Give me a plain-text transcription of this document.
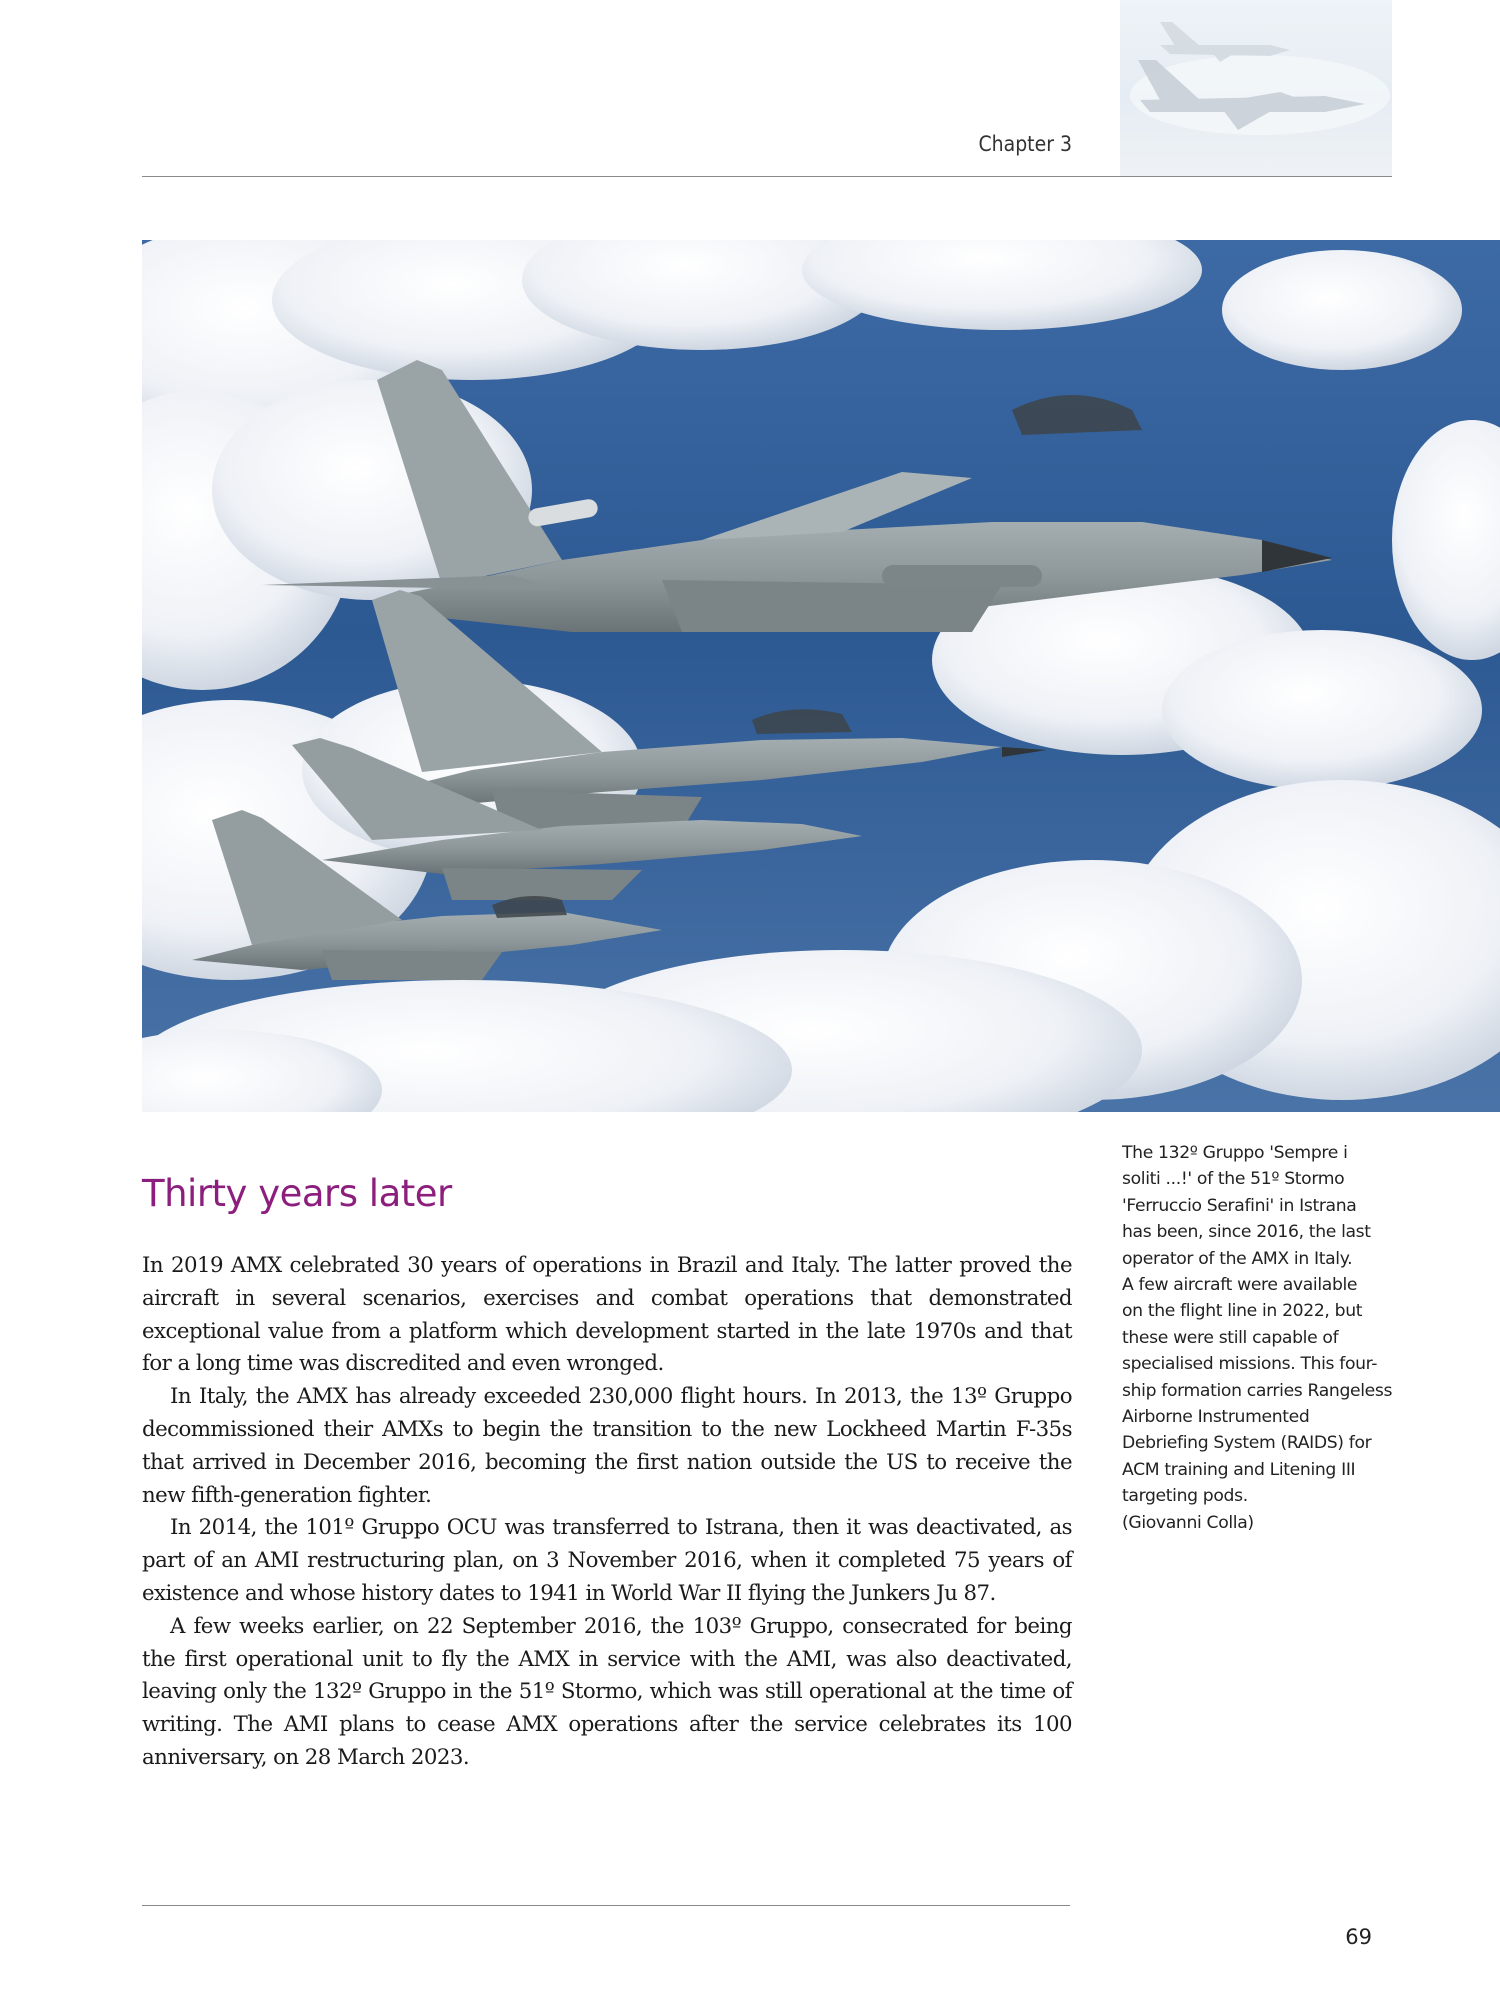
Chapter 3
The 132º Gruppo 'Sempre i
soliti ...!' of the 51º Stormo
'Ferruccio Serafini' in Istrana
has been, since 2016, the last
operator of the AMX in Italy.
A few aircraft were available
on the flight line in 2022, but
these were still capable of
specialised missions. This four-
ship formation carries Rangeless
Airborne Instrumented
Debriefing System (RAIDS) for
ACM training and Litening III
targeting pods.
(Giovanni Colla)
Thirty years later

In 2019 AMX celebrated 30 years of operations in Brazil and Italy. The latter proved the aircraft in several scenarios, exercises and combat operations that demonstrated exceptional value from a platform which development started in the late 1970s and that for a long time was discredited and even wronged.

In Italy, the AMX has already exceeded 230,000 flight hours. In 2013, the 13º Gruppo decommissioned their AMXs to begin the transition to the new Lockheed Martin F-35s that arrived in December 2016, becoming the first nation outside the US to receive the new fifth-generation fighter.

In 2014, the 101º Gruppo OCU was transferred to Istrana, then it was deactivated, as part of an AMI restructuring plan, on 3 November 2016, when it completed 75 years of existence and whose history dates to 1941 in World War II flying the Junkers Ju 87.

A few weeks earlier, on 22 September 2016, the 103º Gruppo, consecrated for being the first operational unit to fly the AMX in service with the AMI, was also deactivated, leaving only the 132º Gruppo in the 51º Stormo, which was still operational at the time of writing. The AMI plans to cease AMX operations after the service celebrates its 100 anniversary, on 28 March 2023.

69
